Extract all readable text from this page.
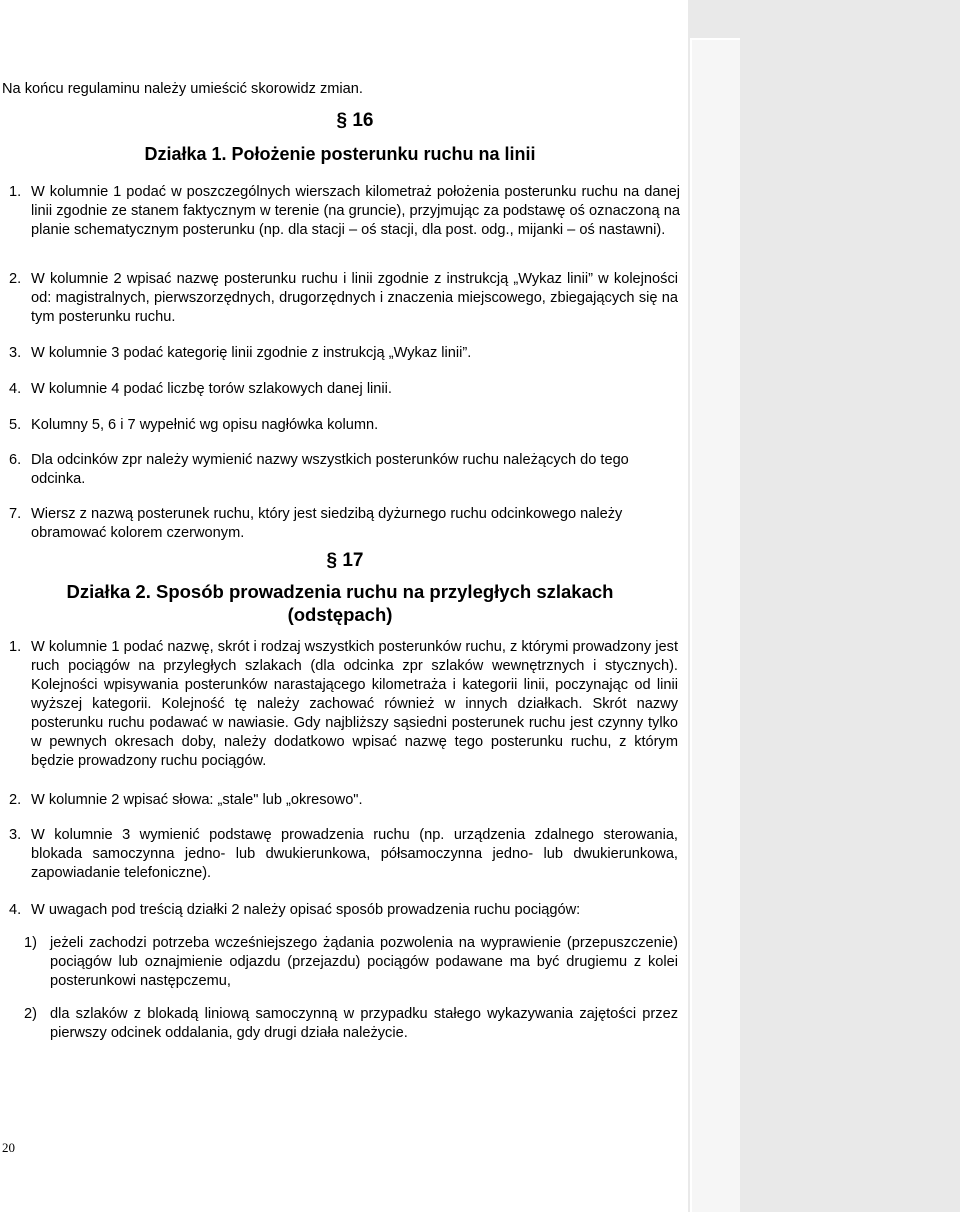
Na końcu regulaminu należy umieścić skorowidz zmian.

§ 16
Działka 1. Położenie posterunku ruchu na linii
1. W kolumnie 1 podać w poszczególnych wierszach kilometraż położenia posterunku ruchu na danej linii zgodnie ze stanem faktycznym w terenie (na gruncie), przyjmując za podstawę oś oznaczoną na planie schematycznym posterunku (np. dla stacji – oś stacji, dla post. odg., mijanki – oś nastawni).
2. W kolumnie 2 wpisać nazwę posterunku ruchu i linii zgodnie z instrukcją „Wykaz linii” w kolejności od: magistralnych, pierwszorzędnych, drugorzędnych i znaczenia miejscowego, zbiegających się na tym posterunku ruchu.
3. W kolumnie 3 podać kategorię linii zgodnie z instrukcją „Wykaz linii”.
4. W kolumnie 4 podać liczbę torów szlakowych danej linii.
5. Kolumny 5, 6 i 7 wypełnić wg opisu nagłówka kolumn.
6. Dla odcinków zpr należy wymienić nazwy wszystkich posterunków ruchu należących do tego odcinka.
7. Wiersz z nazwą posterunek ruchu, który jest siedzibą dyżurnego ruchu odcinkowego należy obramować kolorem czerwonym.
§ 17
Działka 2. Sposób prowadzenia ruchu na przyległych szlakach
(odstępach)
1. W kolumnie 1 podać nazwę, skrót i rodzaj wszystkich posterunków ruchu, z którymi prowadzony jest ruch pociągów na przyległych szlakach (dla odcinka zpr szlaków wewnętrznych i stycznych). Kolejności wpisywania posterunków narastającego kilometraża i kategorii linii, poczynając od linii wyższej kategorii. Kolejność tę należy zachować również w innych działkach. Skrót nazwy posterunku ruchu podawać w nawiasie. Gdy najbliższy sąsiedni posterunek ruchu jest czynny tylko w pewnych okresach doby, należy dodatkowo wpisać nazwę tego posterunku ruchu, z którym będzie prowadzony ruchu pociągów.
2. W kolumnie 2 wpisać słowa: „stale" lub „okresowo".
3. W kolumnie 3 wymienić podstawę prowadzenia ruchu (np. urządzenia zdalnego sterowania, blokada samoczynna jedno- lub dwukierunkowa, półsamoczynna jedno- lub dwukierunkowa, zapowiadanie telefoniczne).
4. W uwagach pod treścią działki 2 należy opisać sposób prowadzenia ruchu pociągów:
1) jeżeli zachodzi potrzeba wcześniejszego żądania pozwolenia na wyprawienie (przepuszczenie) pociągów lub oznajmienie odjazdu (przejazdu) pociągów podawane ma być drugiemu z kolei posterunkowi następczemu,
2) dla szlaków z blokadą liniową samoczynną w przypadku stałego wykazywania zajętości przez pierwszy odcinek oddalania, gdy drugi działa należycie.
20
